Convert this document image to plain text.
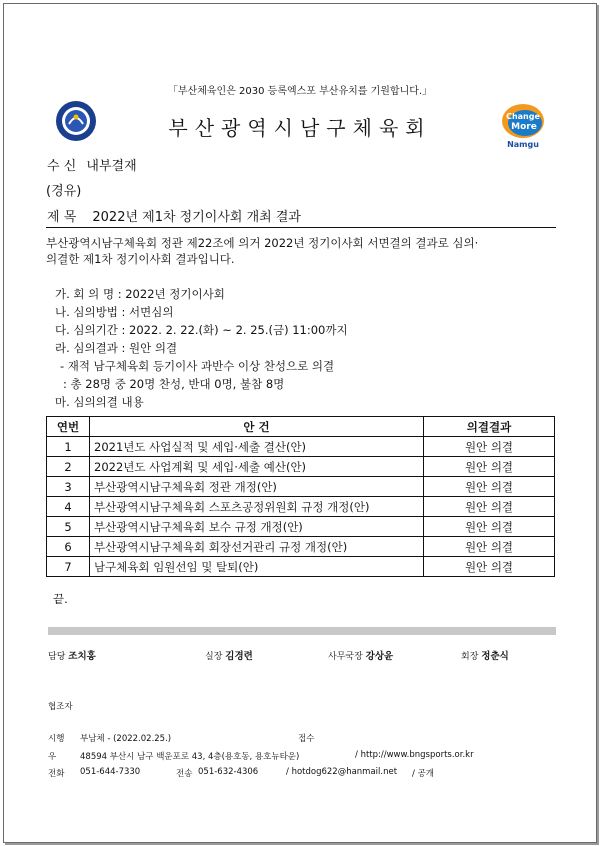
「부산체육인은 2030 등록엑스포 부산유치를 기원합니다.」
부산광역시남구체육회	Change
More
Namgu
수 신 내부결재
(경유)
제 목 2022년 제1차 정기이사회 개최 결과
부산광역시남구체육회 정관 제22조에 의거 2022년 정기이사회 서면결의 결과로 심의·
의결한 제1차 정기이사회 결과입니다.
가. 회 의 명 : 2022년 정기이사회
나. 심의방법 : 서면심의
다. 심의기간 : 2022. 2. 22.(화) ~ 2. 25.(금) 11:00까지
라. 심의결과 : 원안 의결
- 재적 남구체육회 등기이사 과반수 이상 찬성으로 의결
: 총 28명 중 20명 찬성, 반대 0명, 불참 8명
마. 심의의결 내용
연번	안 건	의결결과
1	2021년도 사업실적 및 세입·세출 결산(안)	원안 의결
2	2022년도 사업계획 및 세입·세출 예산(안)	원안 의결
3	부산광역시남구체육회 정관 개정(안)	원안 의결
4	부산광역시남구체육회 스포츠공정위원회 규정 개정(안)	원안 의결
5	부산광역시남구체육회 보수 규정 개정(안)	원안 의결
6	부산광역시남구체육회 회장선거관리 규정 개정(안)	원안 의결
7	남구체육회 임원선임 및 탈퇴(안)	원안 의결
끝.
담당 조치홍	실장 김경련	사무국장 강상윤	회장 정춘식
협조자
시행 부남체 - (2022.02.25.)	접수
우	48594 부산시 남구 백운포로 43, 4층(용호동, 용호뉴타운)	/ http://www.bngsports.or.kr
전화 051-644-7330	전송 051-632-4306	/ hotdog622@hanmail.net / 공개
